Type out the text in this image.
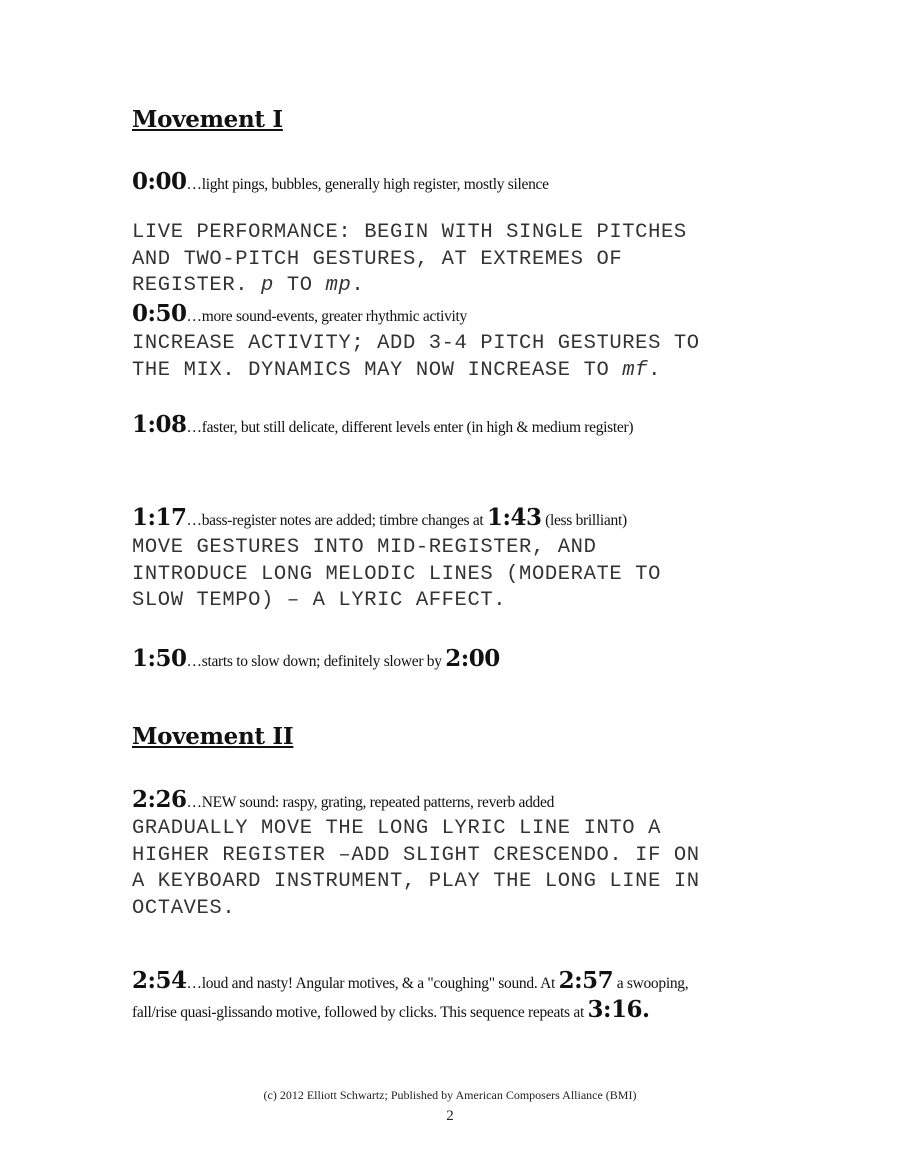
Movement I

0:00…light pings, bubbles, generally high register, mostly silence

LIVE PERFORMANCE: BEGIN WITH SINGLE PITCHES
AND TWO-PITCH GESTURES, AT EXTREMES OF
REGISTER. p TO mp.

0:50…more sound-events, greater rhythmic activity

INCREASE ACTIVITY; ADD 3-4 PITCH GESTURES TO
THE MIX. DYNAMICS MAY NOW INCREASE TO mf.

1:08…faster, but still delicate, different levels enter (in high & medium register)

1:17…bass-register notes are added; timbre changes at 1:43 (less brilliant)

MOVE GESTURES INTO MID-REGISTER, AND
INTRODUCE LONG MELODIC LINES (MODERATE TO
SLOW TEMPO) – A LYRIC AFFECT.

1:50…starts to slow down; definitely slower by 2:00

Movement II

2:26…NEW sound: raspy, grating, repeated patterns, reverb added

GRADUALLY MOVE THE LONG LYRIC LINE INTO A
HIGHER REGISTER –ADD SLIGHT CRESCENDO. IF ON
A KEYBOARD INSTRUMENT, PLAY THE LONG LINE IN
OCTAVES.

2:54…loud and nasty! Angular motives, & a "coughing" sound. At 2:57 a swooping, fall/rise quasi-glissando motive, followed by clicks. This sequence repeats at 3:16.

(c) 2012 Elliott Schwartz; Published by American Composers Alliance (BMI)

2
